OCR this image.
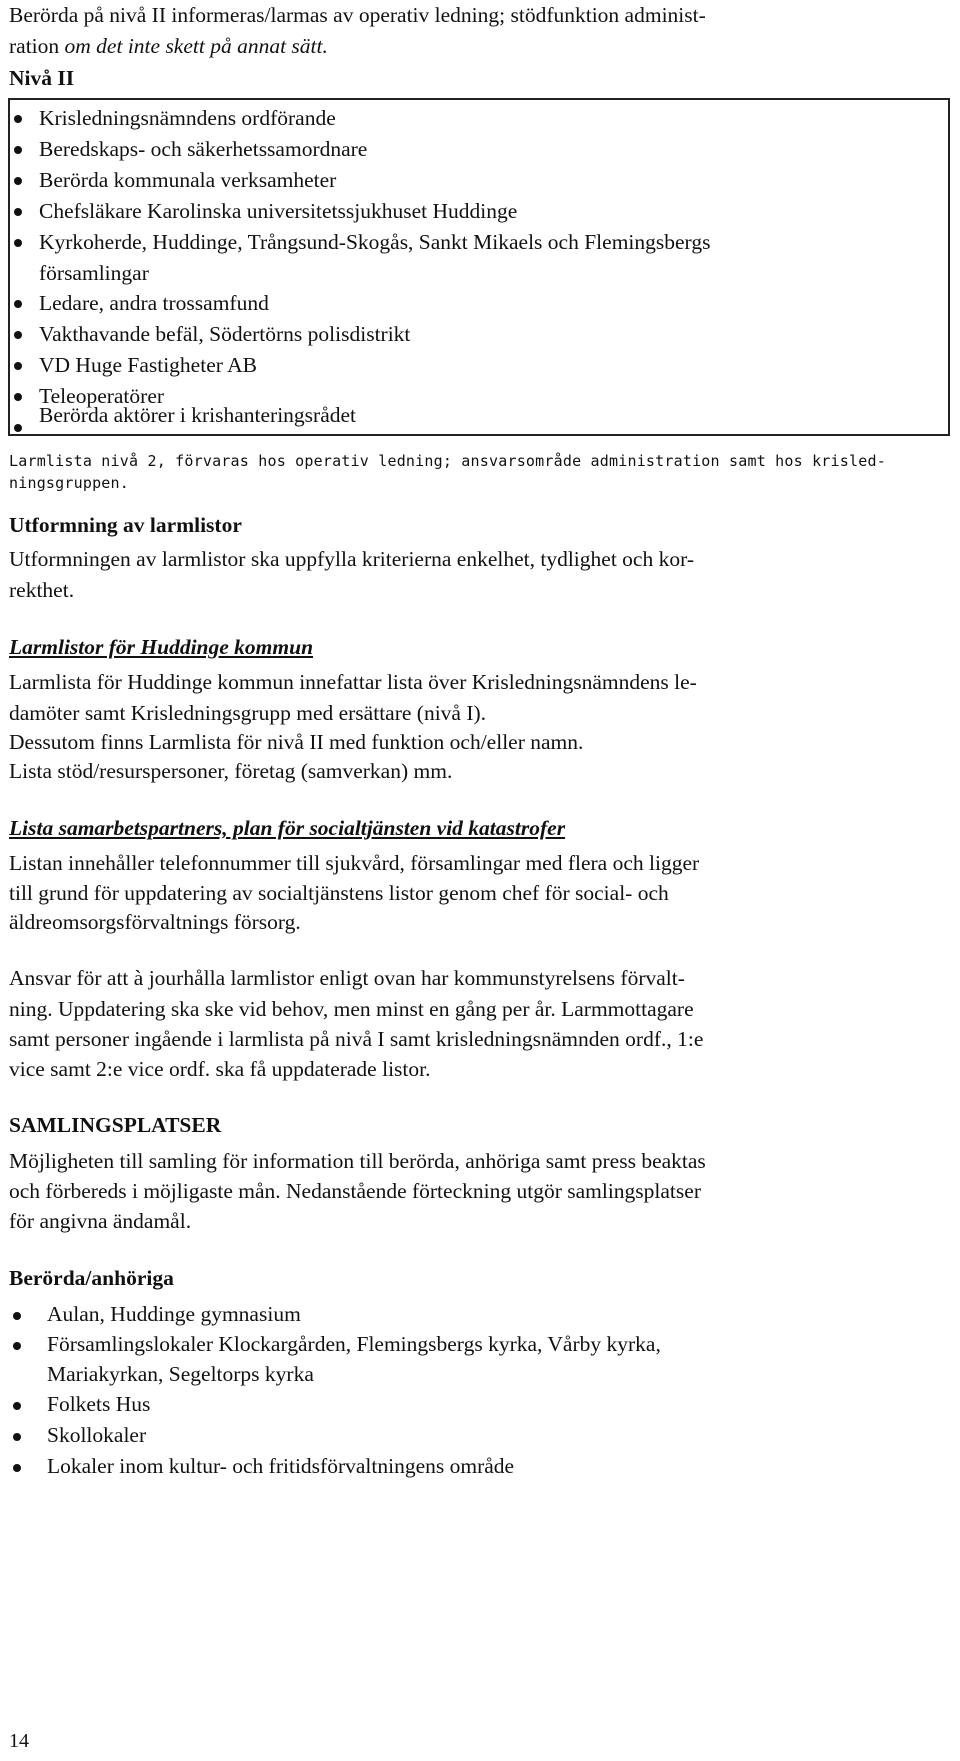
Berörda på nivå II informeras/larmas av operativ ledning; stödfunktion administ-

ration om det inte skett på annat sätt.

Nivå II

Krisledningsnämndens ordförande

Beredskaps- och säkerhetssamordnare

Berörda kommunala verksamheter

Chefsläkare Karolinska universitetssjukhuset Huddinge

Kyrkoherde, Huddinge, Trångsund-Skogås, Sankt Mikaels och Flemingsbergs

församlingar

Ledare, andra trossamfund

Vakthavande befäl, Södertörns polisdistrikt

VD Huge Fastigheter AB

Teleoperatörer

Berörda aktörer i krishanteringsrådet

Larmlista nivå 2, förvaras hos operativ ledning; ansvarsområde administration samt hos krisled-

ningsgruppen.

Utformning av larmlistor

Utformningen av larmlistor ska uppfylla kriterierna enkelhet, tydlighet och kor-

rekthet.

Larmlistor för Huddinge kommun

Larmlista för Huddinge kommun innefattar lista över Krisledningsnämndens le-

damöter samt Krisledningsgrupp med ersättare (nivå I).

Dessutom finns Larmlista för nivå II med funktion och/eller namn.

Lista stöd/resurspersoner, företag (samverkan) mm.

Lista samarbetspartners, plan för socialtjänsten vid katastrofer

Listan innehåller telefonnummer till sjukvård, församlingar med flera och ligger

till grund för uppdatering av socialtjänstens listor genom chef för social- och

äldreomsorgsförvaltnings försorg.

Ansvar för att à jourhålla larmlistor enligt ovan har kommunstyrelsens förvalt-

ning. Uppdatering ska ske vid behov, men minst en gång per år. Larmmottagare

samt personer ingående i larmlista på nivå I samt krisledningsnämnden ordf., 1:e

vice samt 2:e vice ordf. ska få uppdaterade listor.

SAMLINGSPLATSER

Möjligheten till samling för information till berörda, anhöriga samt press beaktas

och förbereds i möjligaste mån. Nedanstående förteckning utgör samlingsplatser

för angivna ändamål.

Berörda/anhöriga

Aulan, Huddinge gymnasium

Församlingslokaler Klockargården, Flemingsbergs kyrka, Vårby kyrka,

Mariakyrkan, Segeltorps kyrka

Folkets Hus

Skollokaler

Lokaler inom kultur- och fritidsförvaltningens område

14
